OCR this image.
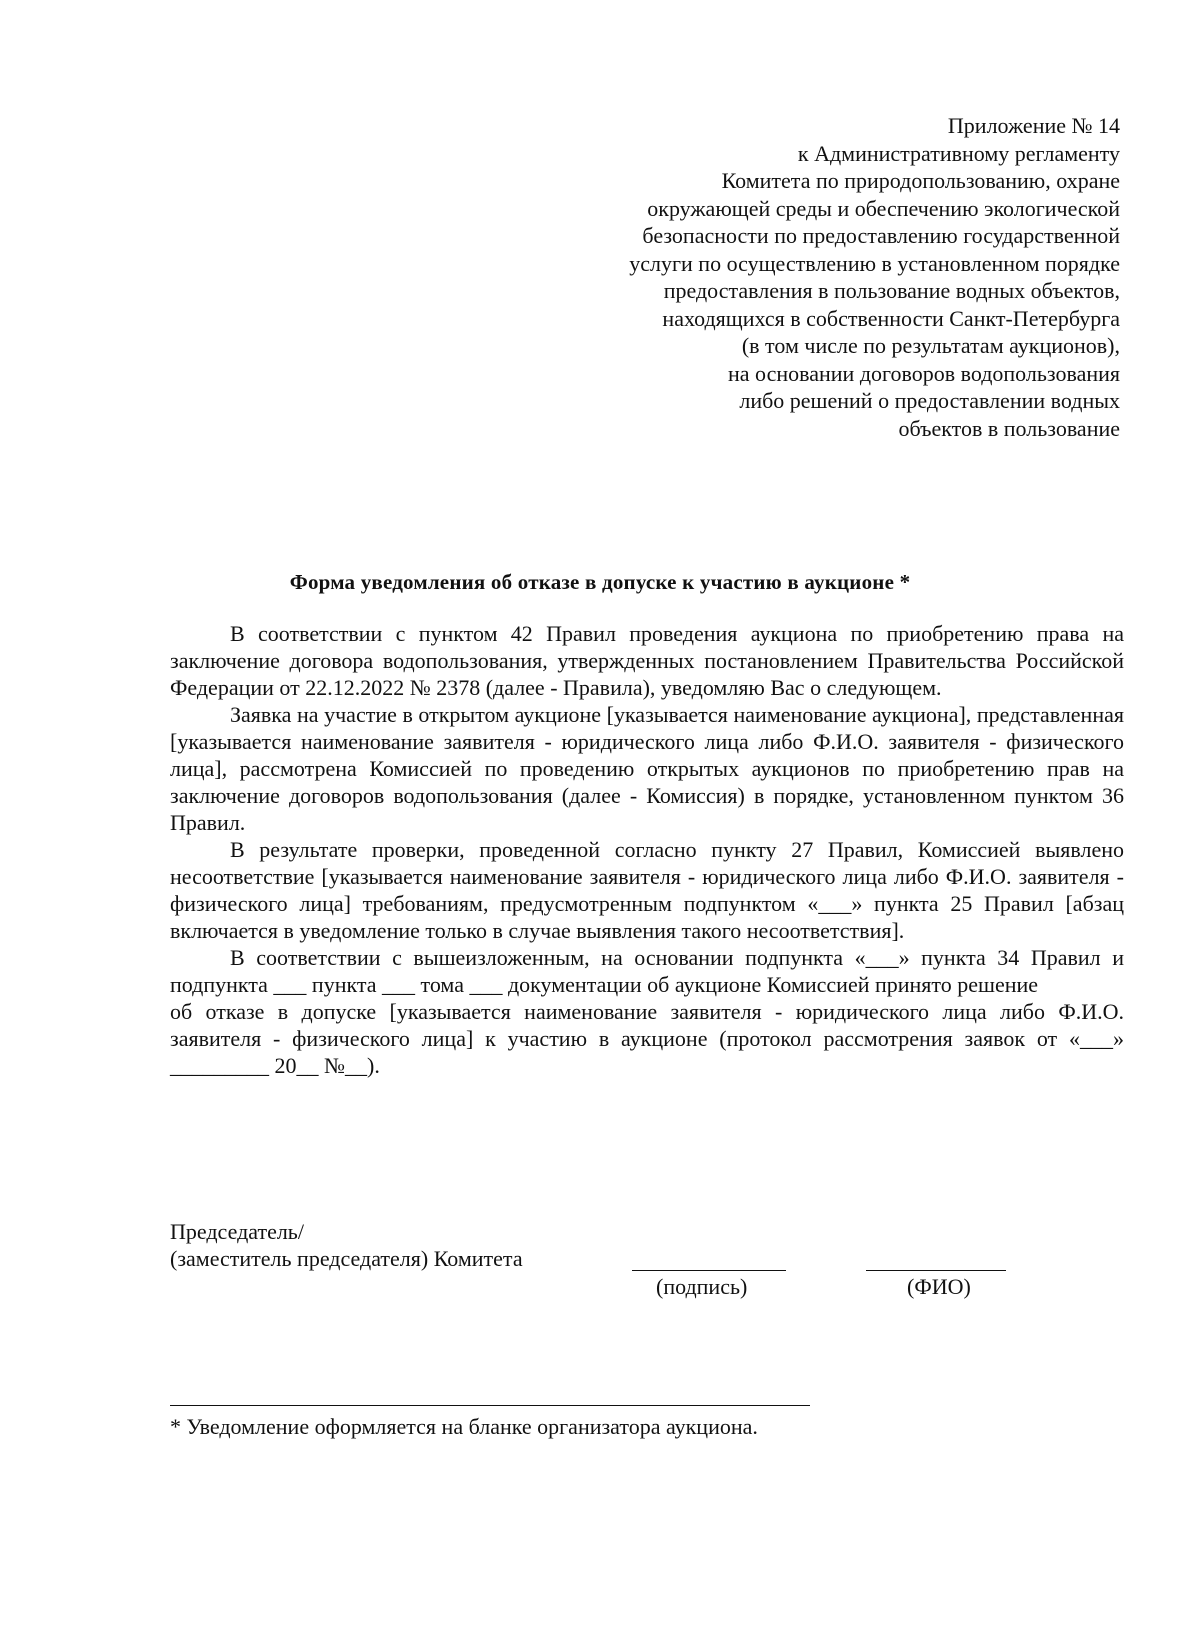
Приложение № 14
к Административному регламенту
Комитета по природопользованию, охране
окружающей среды и обеспечению экологической
безопасности по предоставлению государственной
услуги по осуществлению в установленном порядке
предоставления в пользование водных объектов,
находящихся в собственности Санкт-Петербурга
(в том числе по результатам аукционов),
на основании договоров водопользования
либо решений о предоставлении водных
объектов в пользование
Форма уведомления об отказе в допуске к участию в аукционе *

В соответствии с пунктом 42 Правил проведения аукциона по приобретению права на заключение договора водопользования, утвержденных постановлением Правительства Российской Федерации от 22.12.2022 № 2378 (далее - Правила), уведомляю Вас о следующем.

Заявка на участие в открытом аукционе [указывается наименование аукциона], представленная [указывается наименование заявителя - юридического лица либо Ф.И.О. заявителя - физического лица], рассмотрена Комиссией по проведению открытых аукционов по приобретению прав на заключение договоров водопользования (далее - Комиссия) в порядке, установленном пунктом 36 Правил.

В результате проверки, проведенной согласно пункту 27 Правил, Комиссией выявлено несоответствие [указывается наименование заявителя - юридического лица либо Ф.И.О. заявителя - физического лица] требованиям, предусмотренным подпунктом «___» пункта 25 Правил [абзац включается в уведомление только в случае выявления такого несоответствия].

В соответствии с вышеизложенным, на основании подпункта «___» пункта 34 Правил и подпункта ___ пункта ___ тома ___ документации об аукционе Комиссией принято решение

об отказе в допуске [указывается наименование заявителя - юридического лица либо Ф.И.О. заявителя - физического лица] к участию в аукционе (протокол рассмотрения заявок от «___» _________ 20__ №__).

Председатель/
(заместитель председателя) Комитета
(подпись)	(ФИО)
* Уведомление оформляется на бланке организатора аукциона.
